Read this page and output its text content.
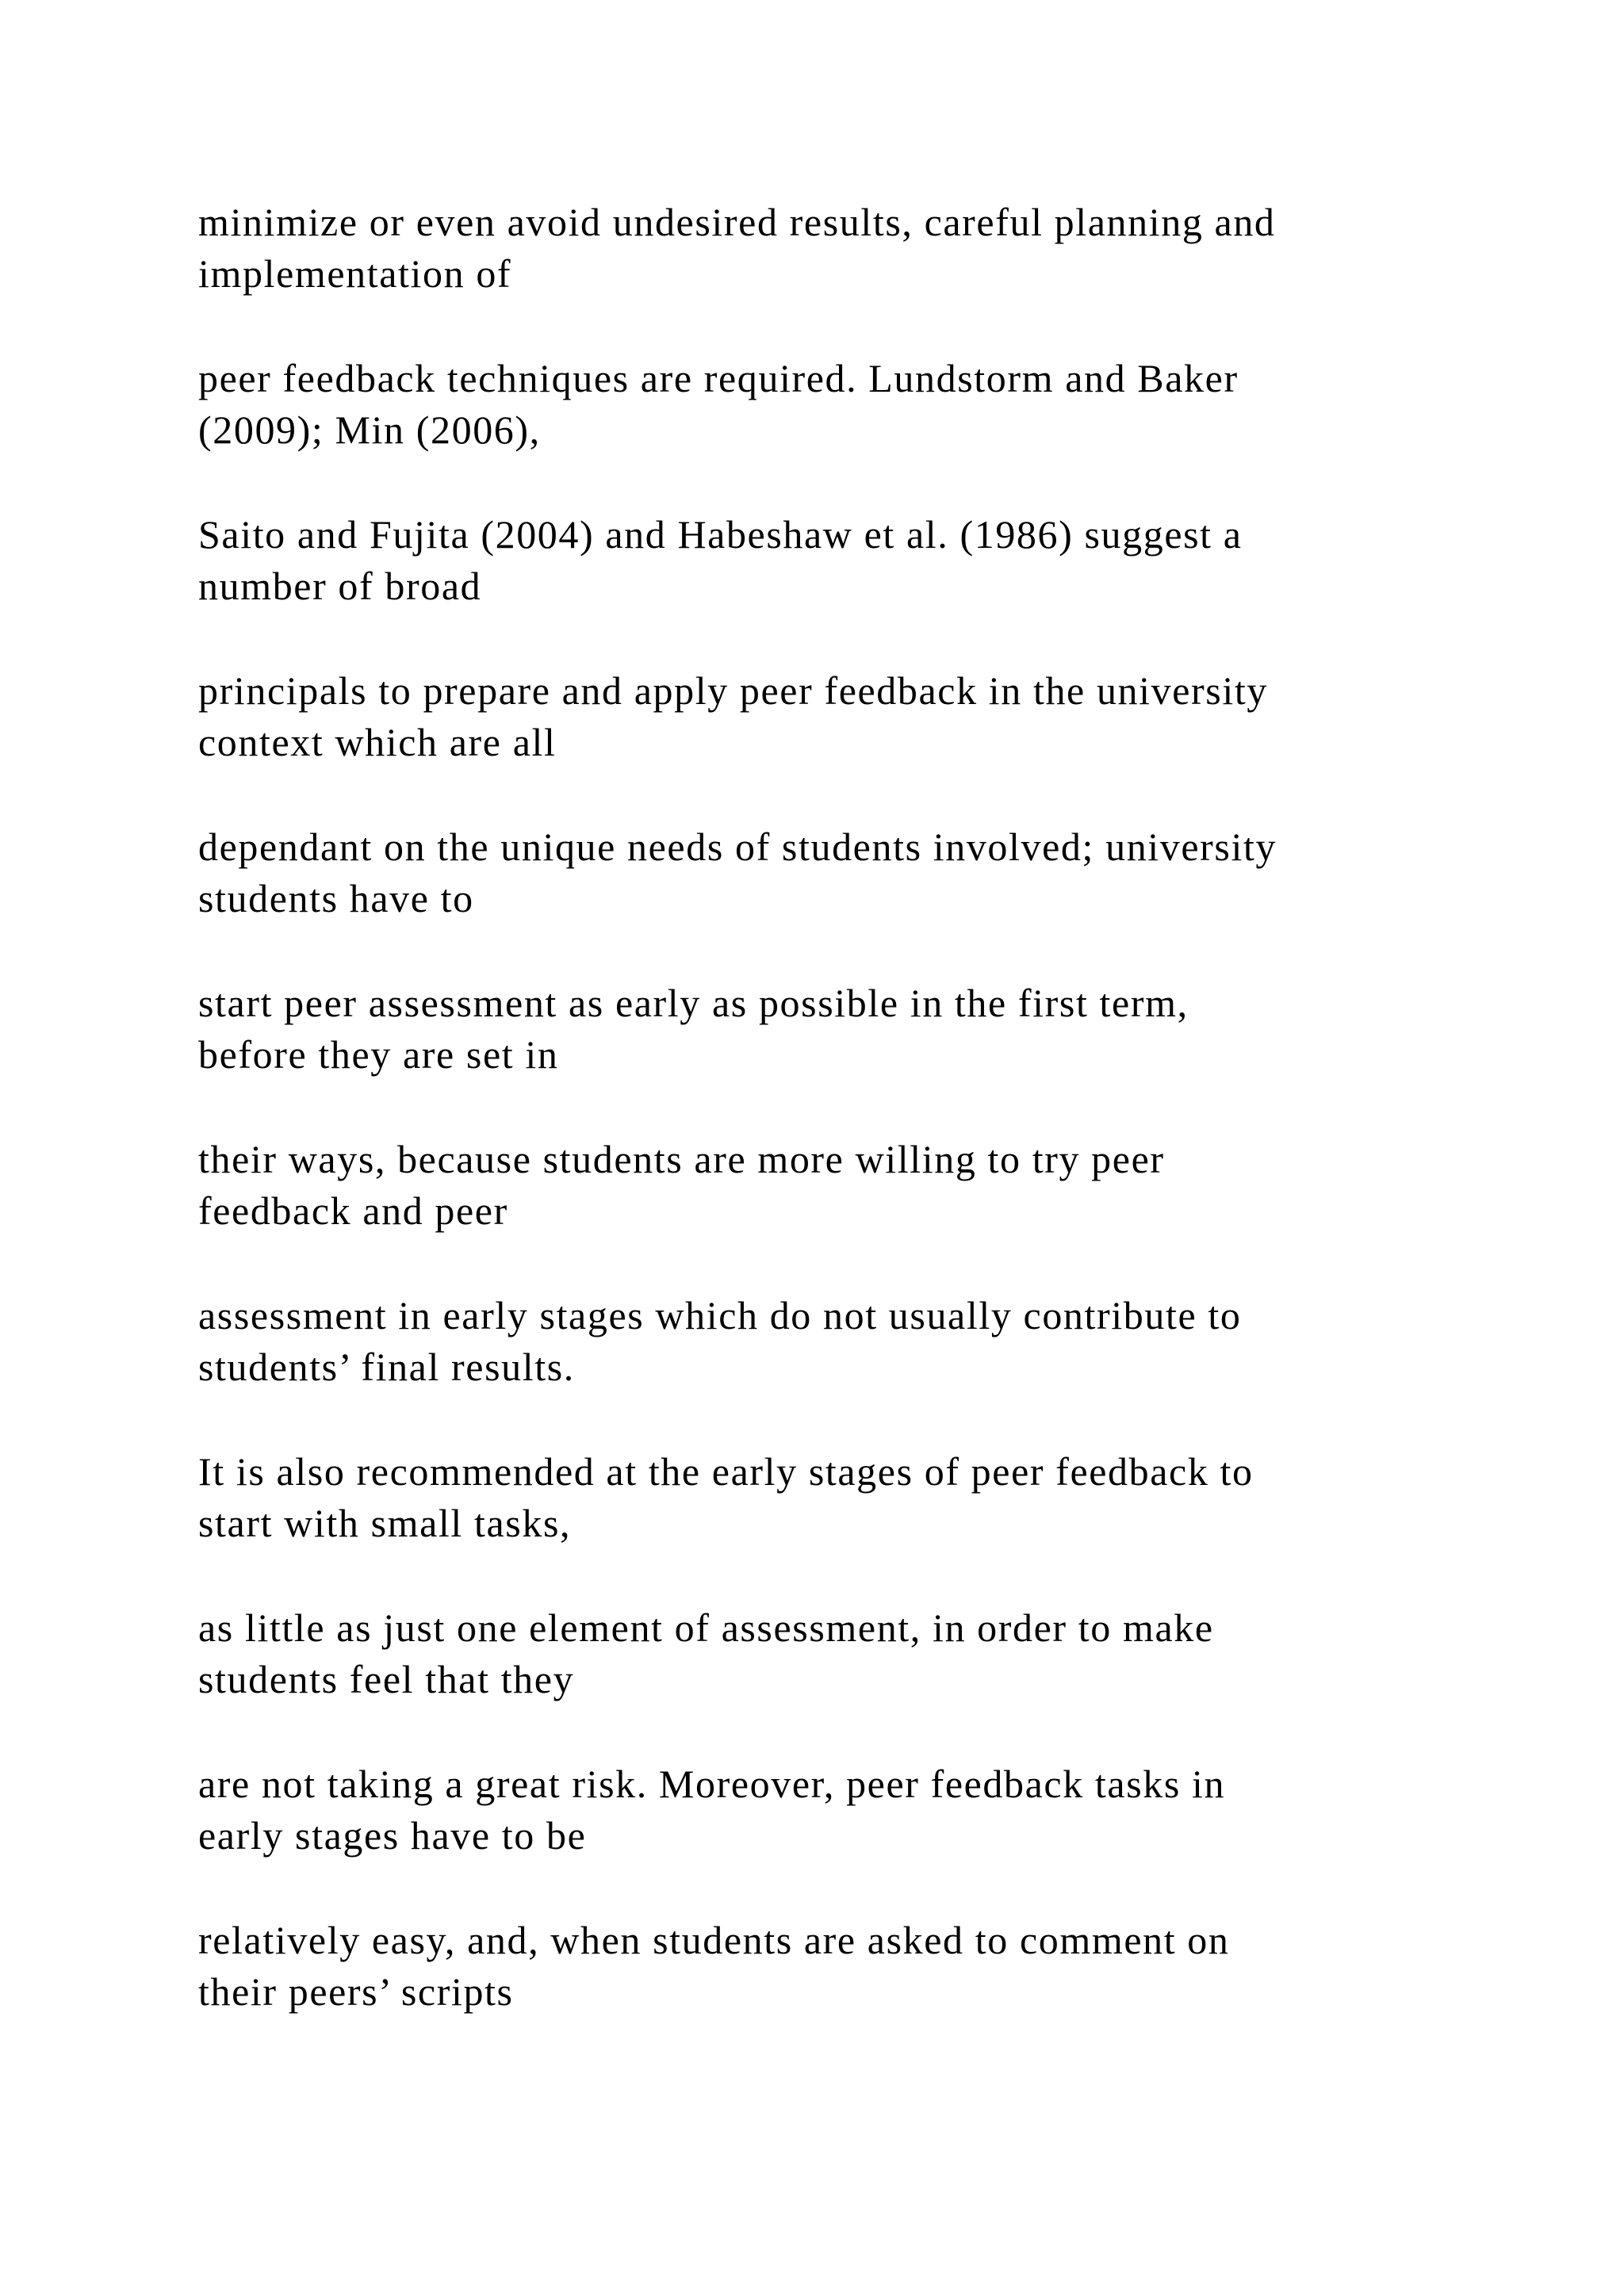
minimize or even avoid undesired results, careful planning and
implementation of

peer feedback techniques are required. Lundstorm and Baker
(2009); Min (2006),

Saito and Fujita (2004) and Habeshaw et al. (1986) suggest a
number of broad

principals to prepare and apply peer feedback in the university
context which are all

dependant on the unique needs of students involved; university
students have to

start peer assessment as early as possible in the first term,
before they are set in

their ways, because students are more willing to try peer
feedback and peer

assessment in early stages which do not usually contribute to
students’ final results.

It is also recommended at the early stages of peer feedback to
start with small tasks,

as little as just one element of assessment, in order to make
students feel that they

are not taking a great risk. Moreover, peer feedback tasks in
early stages have to be

relatively easy, and, when students are asked to comment on
their peers’ scripts
